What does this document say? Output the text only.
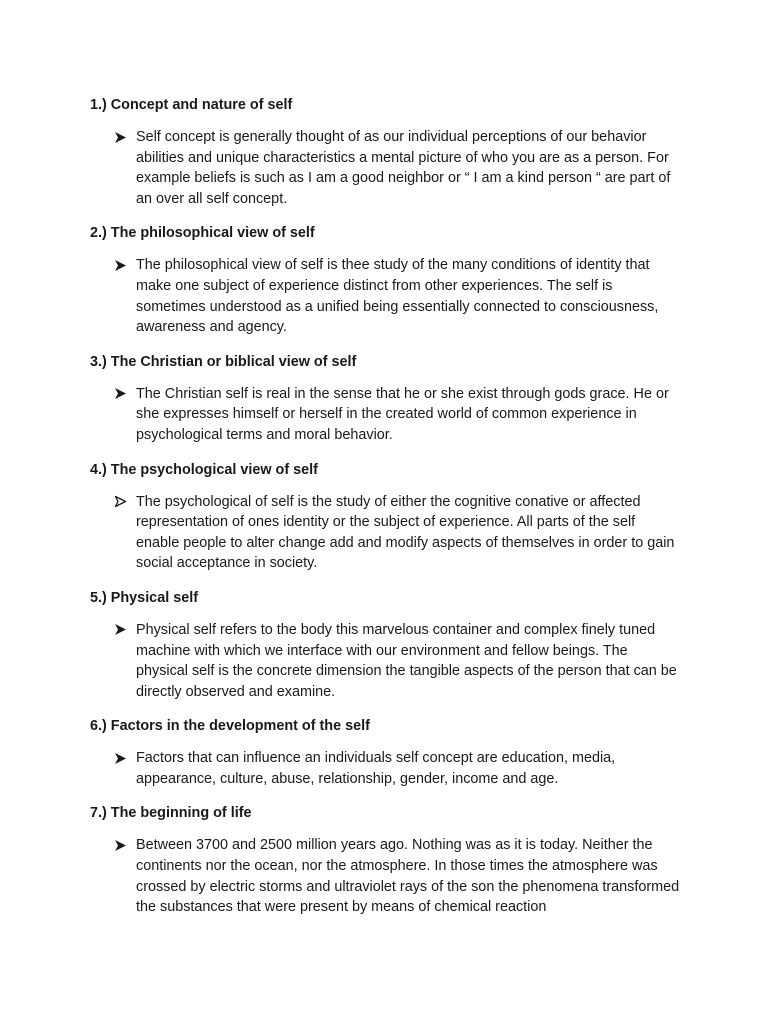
1.) Concept and nature of self

Self concept is generally thought of as our individual perceptions of our behavior abilities and unique characteristics a mental picture of who you are as a person. For example beliefs is such as I am a good neighbor or “ I am a kind person “ are part of an over all self concept.

2.) The philosophical view of self

The philosophical view of self is thee study of the many conditions of identity that make one subject of experience distinct from other experiences. The self is sometimes understood as a unified being essentially connected to consciousness, awareness and agency.

3.) The Christian or biblical view of self

The Christian self is real in the sense that he or she exist through gods grace. He or she expresses himself or herself in the created world of common experience in psychological terms and moral behavior.

4.) The psychological view of self

The psychological of self is the study of either the cognitive conative or affected representation of ones identity or the subject of experience. All parts of the self enable people to alter change add and modify aspects of themselves in order to gain social acceptance in society.

5.) Physical self

Physical self refers to the body this marvelous container and complex finely tuned machine with which we interface with our environment and fellow beings. The physical self is the concrete dimension the tangible aspects of the person that can be directly observed and examine.

6.) Factors in the development of the self

Factors that can influence an individuals self concept are education, media, appearance, culture, abuse, relationship, gender, income and age.

7.) The beginning of life

Between 3700 and 2500 million years ago. Nothing was as it is today. Neither the continents nor the ocean, nor the atmosphere. In those times the atmosphere was crossed by electric storms and ultraviolet rays of the son the phenomena transformed the substances that were present by means of chemical reaction
